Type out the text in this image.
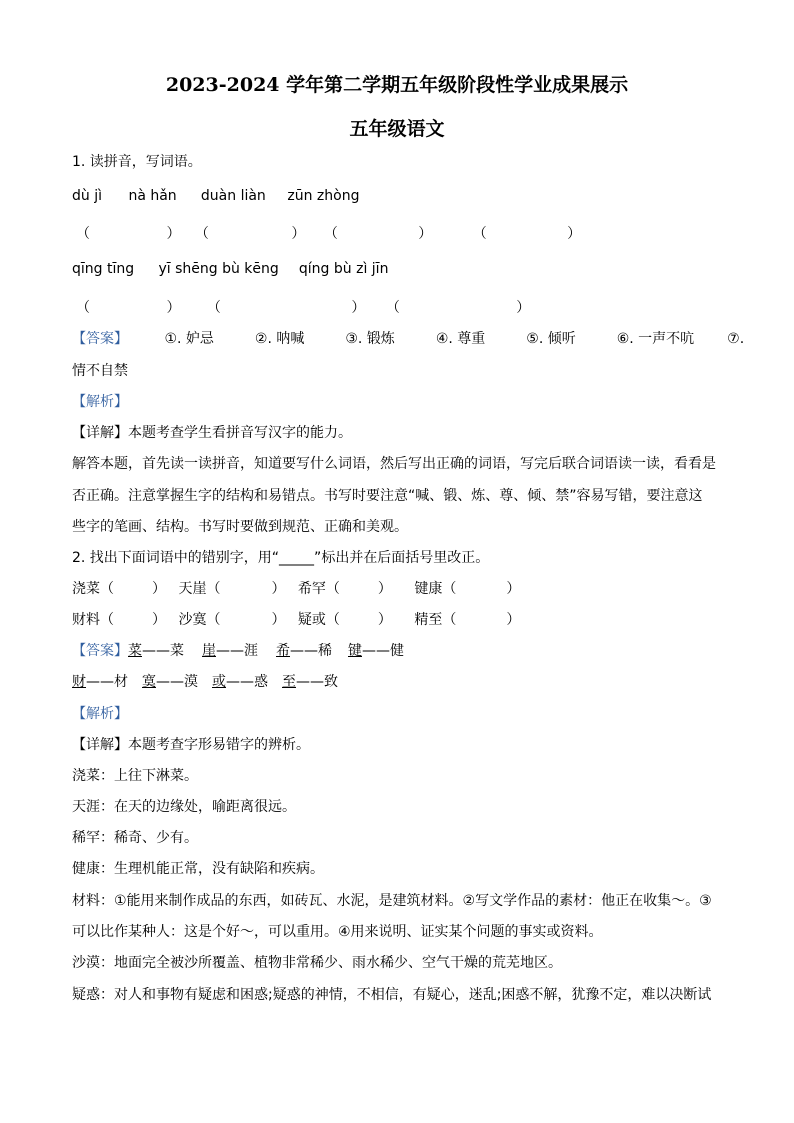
2023-2024 学年第二学期五年级阶段性学业成果展示
五年级语文
1. 读拼音，写词语。
dù jì nà hǎn duàn liàn zūn zhòng
（	） （	） （	）	（	）
qīng tīng yī shēng bù kēng qíng bù zì jīn
（	） （	） （	）
【答案】	①. 妒忌	②. 呐喊	③. 锻炼	④. 尊重	⑤. 倾听	⑥. 一声不吭 ⑦.
情不自禁
【解析】
【详解】本题考查学生看拼音写汉字的能力。
解答本题，首先读一读拼音，知道要写什么词语，然后写出正确的词语，写完后联合词语读一读，看看是
否正确。注意掌握生字的结构和易错点。书写时要注意“喊、锻、炼、尊、倾、禁”容易写错，要注意这
些字的笔画、结构。书写时要做到规范、正确和美观。
2. 找出下面词语中的错别字，用“_____”标出并在后面括号里改正。
浇菜（	） 天崖（	） 希罕（	） 键康（	）
财料（	） 沙寞（	） 疑或（	） 精至（	）
【答案】菜——菜 崖——涯 希——稀 键——健
财——材 寞——漠 或——惑 至——致
【解析】
【详解】本题考查字形易错字的辨析。
浇菜：上往下淋菜。
天涯：在天的边缘处，喻距离很远。
稀罕：稀奇、少有。
健康：生理机能正常，没有缺陷和疾病。
材料：①能用来制作成品的东西，如砖瓦、水泥，是建筑材料。②写文学作品的素材：他正在收集～。③
可以比作某种人：这是个好～，可以重用。④用来说明、证实某个问题的事实或资料。
沙漠：地面完全被沙所覆盖、植物非常稀少、雨水稀少、空气干燥的荒芜地区。
疑惑：对人和事物有疑虑和困惑;疑惑的神情，不相信，有疑心，迷乱;困惑不解，犹豫不定，难以决断试
